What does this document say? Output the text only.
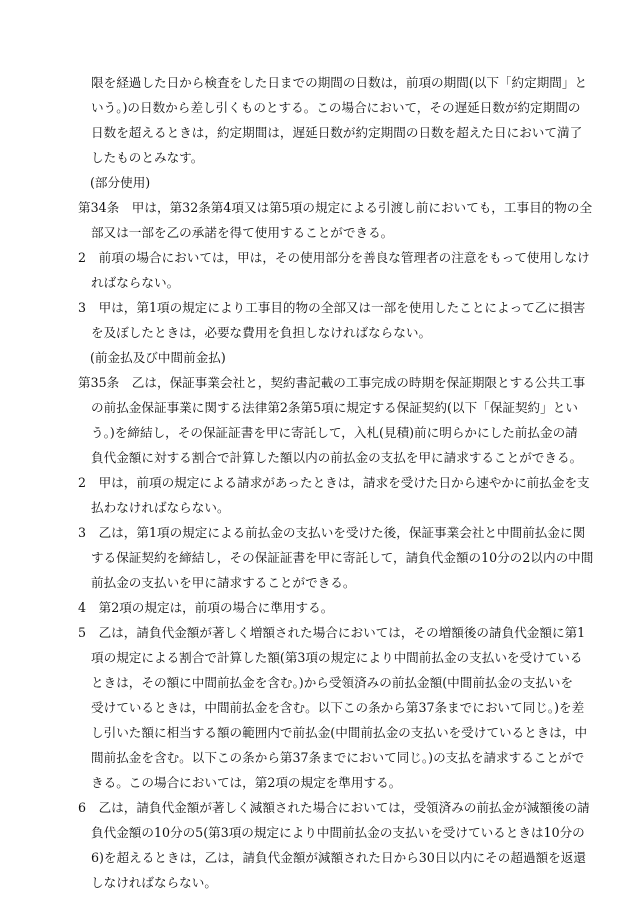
限を経過した日から検査をした日までの期間の日数は，前項の期間(以下「約定期間」と
いう。)の日数から差し引くものとする。この場合において，その遅延日数が約定期間の
日数を超えるときは，約定期間は，遅延日数が約定期間の日数を超えた日において満了
したものとみなす。
(部分使用)
第34条　甲は，第32条第4項又は第5項の規定による引渡し前においても，工事目的物の全
部又は一部を乙の承諾を得て使用することができる。
2　前項の場合においては，甲は，その使用部分を善良な管理者の注意をもって使用しなけ
ればならない。
3　甲は，第1項の規定により工事目的物の全部又は一部を使用したことによって乙に損害
を及ぼしたときは，必要な費用を負担しなければならない。
(前金払及び中間前金払)
第35条　乙は，保証事業会社と，契約書記載の工事完成の時期を保証期限とする公共工事
の前払金保証事業に関する法律第2条第5項に規定する保証契約(以下「保証契約」とい
う。)を締結し，その保証証書を甲に寄託して，入札(見積)前に明らかにした前払金の請
負代金額に対する割合で計算した額以内の前払金の支払を甲に請求することができる。
2　甲は，前項の規定による請求があったときは，請求を受けた日から速やかに前払金を支
払わなければならない。
3　乙は，第1項の規定による前払金の支払いを受けた後，保証事業会社と中間前払金に関
する保証契約を締結し，その保証証書を甲に寄託して，請負代金額の10分の2以内の中間
前払金の支払いを甲に請求することができる。
4　第2項の規定は，前項の場合に準用する。
5　乙は，請負代金額が著しく増額された場合においては，その増額後の請負代金額に第1
項の規定による割合で計算した額(第3項の規定により中間前払金の支払いを受けている
ときは，その額に中間前払金を含む。)から受領済みの前払金額(中間前払金の支払いを
受けているときは，中間前払金を含む。以下この条から第37条までにおいて同じ。)を差
し引いた額に相当する額の範囲内で前払金(中間前払金の支払いを受けているときは，中
間前払金を含む。以下この条から第37条までにおいて同じ。)の支払を請求することがで
きる。この場合においては，第2項の規定を準用する。
6　乙は，請負代金額が著しく減額された場合においては，受領済みの前払金が減額後の請
負代金額の10分の5(第3項の規定により中間前払金の支払いを受けているときは10分の
6)を超えるときは，乙は，請負代金額が減額された日から30日以内にその超過額を返還
しなければならない。
